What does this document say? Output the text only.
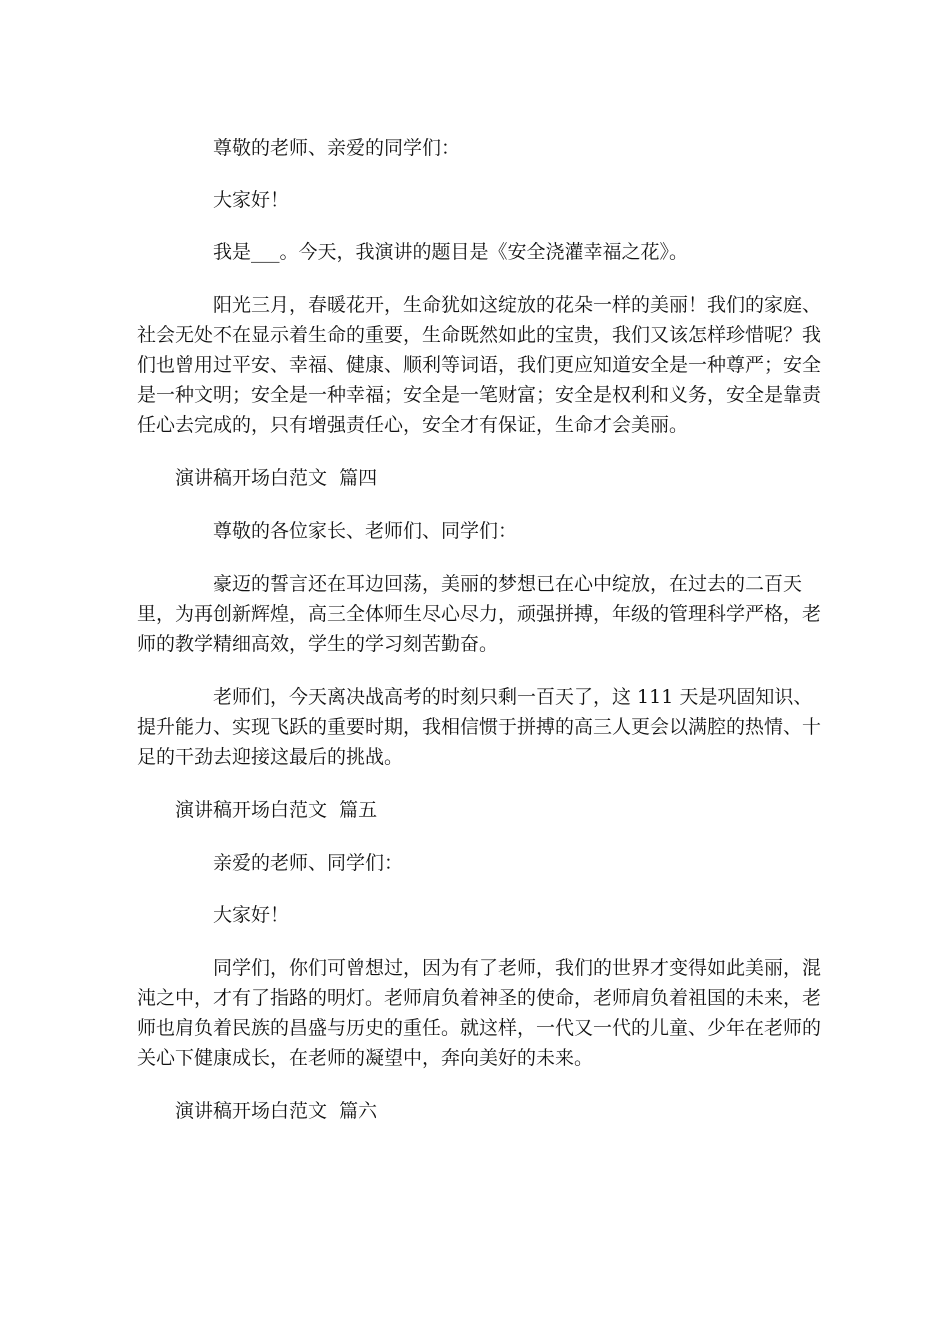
尊敬的老师、亲爱的同学们：

大家好！

我是___。今天，我演讲的题目是《安全浇灌幸福之花》。

阳光三月，春暖花开，生命犹如这绽放的花朵一样的美丽！我们的家庭、社会无处不在显示着生命的重要，生命既然如此的宝贵，我们又该怎样珍惜呢？我们也曾用过平安、幸福、健康、顺利等词语，我们更应知道安全是一种尊严；安全是一种文明；安全是一种幸福；安全是一笔财富；安全是权利和义务，安全是靠责任心去完成的，只有增强责任心，安全才有保证，生命才会美丽。

演讲稿开场白范文  篇四

尊敬的各位家长、老师们、同学们：

豪迈的誓言还在耳边回荡，美丽的梦想已在心中绽放，在过去的二百天里，为再创新辉煌，高三全体师生尽心尽力，顽强拼搏，年级的管理科学严格，老师的教学精细高效，学生的学习刻苦勤奋。

老师们，今天离决战高考的时刻只剩一百天了，这 111 天是巩固知识、提升能力、实现飞跃的重要时期，我相信惯于拼搏的高三人更会以满腔的热情、十足的干劲去迎接这最后的挑战。

演讲稿开场白范文  篇五

亲爱的老师、同学们：

大家好！

同学们，你们可曾想过，因为有了老师，我们的世界才变得如此美丽，混沌之中，才有了指路的明灯。老师肩负着神圣的使命，老师肩负着祖国的未来，老师也肩负着民族的昌盛与历史的重任。就这样，一代又一代的儿童、少年在老师的关心下健康成长，在老师的凝望中，奔向美好的未来。

演讲稿开场白范文  篇六
